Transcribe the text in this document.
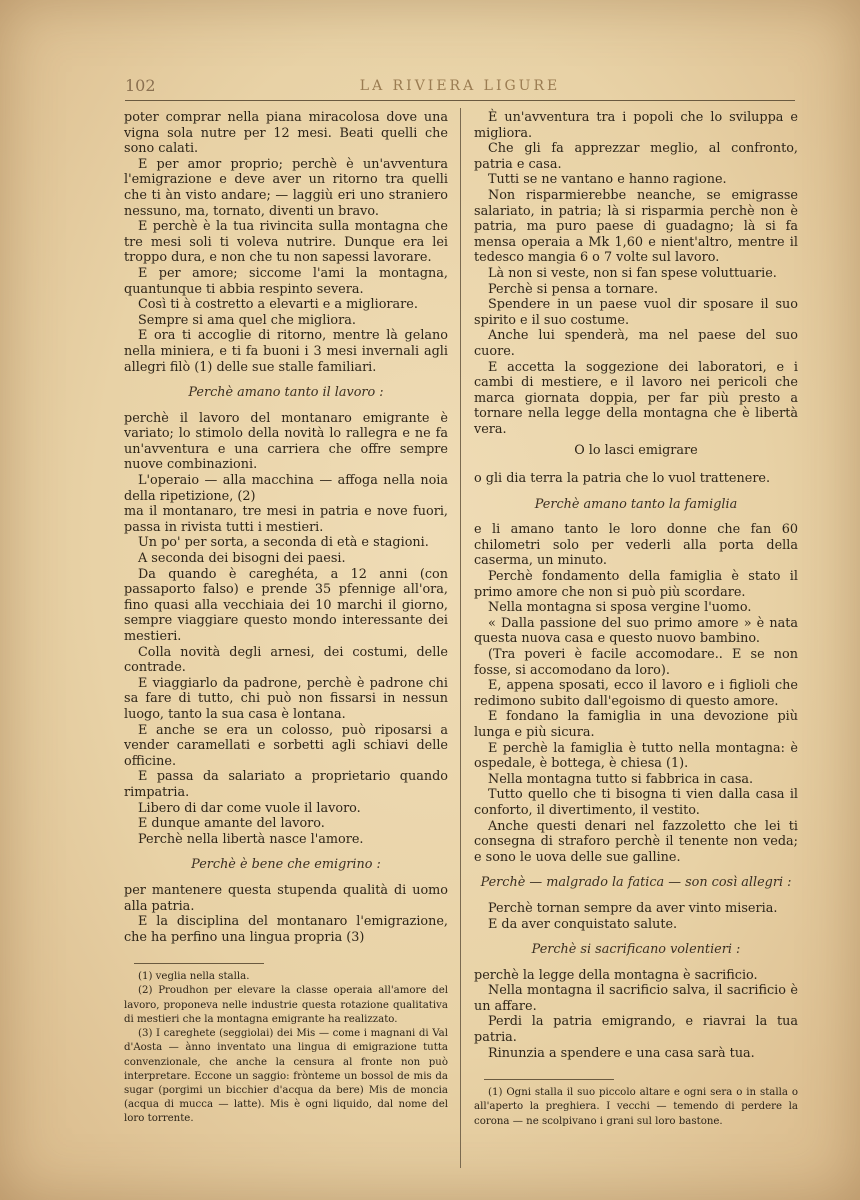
102	LA RIVIERA LIGURE

poter comprar nella piana miracolosa dove una vigna sola nutre per 12 mesi. Beati quelli che sono calati.

E per amor proprio; perchè è un'avventura l'emigrazione e deve aver un ritorno tra quelli che ti àn visto andare; — laggiù eri uno straniero nessuno, ma, tornato, diventi un bravo.

E perchè è la tua rivincita sulla montagna che tre mesi soli ti voleva nutrire. Dunque era lei troppo dura, e non che tu non sapessi lavorare.

E per amore; siccome l'ami la montagna, quantunque ti abbia respinto severa.

Così ti à costretto a elevarti e a migliorare.

Sempre si ama quel che migliora.

E ora ti accoglie di ritorno, mentre là gelano nella miniera, e ti fa buoni i 3 mesi invernali agli allegri filò (1) delle sue stalle familiari.

Perchè amano tanto il lavoro :

perchè il lavoro del montanaro emigrante è variato; lo stimolo della novità lo rallegra e ne fa un'avventura e una carriera che offre sempre nuove combinazioni.

L'operaio — alla macchina — affoga nella noia della ripetizione, (2)

ma il montanaro, tre mesi in patria e nove fuori, passa in rivista tutti i mestieri.

Un po' per sorta, a seconda di età e stagioni.

A seconda dei bisogni dei paesi.

Da quando è careghéta, a 12 anni (con passaporto falso) e prende 35 pfennige all'ora, fino quasi alla vecchiaia dei 10 marchi il giorno, sempre viaggiare questo mondo interessante dei mestieri.

Colla novità degli arnesi, dei costumi, delle contrade.

E viaggiarlo da padrone, perchè è padrone chi sa fare di tutto, chi può non fissarsi in nessun luogo, tanto la sua casa è lontana.

E anche se era un colosso, può riposarsi a vender caramellati e sorbetti agli schiavi delle officine.

E passa da salariato a proprietario quando rimpatria.

Libero di dar come vuole il lavoro.

E dunque amante del lavoro.

Perchè nella libertà nasce l'amore.

Perchè è bene che emigrino :

per mantenere questa stupenda qualità di uomo alla patria.

E la disciplina del montanaro l'emigrazione, che ha perfino una lingua propria (3)

(1) veglia nella stalla.

(2) Proudhon per elevare la classe operaia all'amore del lavoro, proponeva nelle industrie questa rotazione qualitativa di mestieri che la montagna emigrante ha realizzato.

(3) I careghete (seggiolai) dei Mis — come i magnani di Val d'Aosta — ànno inventato una lingua di emigrazione tutta convenzionale, che anche la censura al fronte non può interpretare. Eccone un saggio: frònteme un bossol de mis da sugar (porgimi un bicchier d'acqua da bere) Mis de moncia (acqua di mucca — latte). Mis è ogni liquido, dal nome del loro torrente.

È un'avventura tra i popoli che lo sviluppa e migliora.

Che gli fa apprezzar meglio, al confronto, patria e casa.

Tutti se ne vantano e hanno ragione.

Non risparmierebbe neanche, se emigrasse salariato, in patria; là si risparmia perchè non è patria, ma puro paese di guadagno; là si fa mensa operaia a Mk 1,60 e nient'altro, mentre il tedesco mangia 6 o 7 volte sul lavoro.

Là non si veste, non si fan spese voluttuarie.

Perchè si pensa a tornare.

Spendere in un paese vuol dir sposare il suo spirito e il suo costume.

Anche lui spenderà, ma nel paese del suo cuore.

E accetta la soggezione dei laboratori, e i cambi di mestiere, e il lavoro nei pericoli che marca giornata doppia, per far più presto a tornare nella legge della montagna che è libertà vera.

O lo lasci emigrare

o gli dia terra la patria che lo vuol trattenere.

Perchè amano tanto la famiglia

e li amano tanto le loro donne che fan 60 chilometri solo per vederli alla porta della caserma, un minuto.

Perchè fondamento della famiglia è stato il primo amore che non si può più scordare.

Nella montagna si sposa vergine l'uomo.

« Dalla passione del suo primo amore » è nata questa nuova casa e questo nuovo bambino.

(Tra poveri è facile accomodare.. E se non fosse, si accomodano da loro).

E, appena sposati, ecco il lavoro e i figlioli che redimono subito dall'egoismo di questo amore.

E fondano la famiglia in una devozione più lunga e più sicura.

E perchè la famiglia è tutto nella montagna: è ospedale, è bottega, è chiesa (1).

Nella montagna tutto si fabbrica in casa.

Tutto quello che ti bisogna ti vien dalla casa il conforto, il divertimento, il vestito.

Anche questi denari nel fazzoletto che lei ti consegna di straforo perchè il tenente non veda; e sono le uova delle sue galline.

Perchè — malgrado la fatica — son così allegri :

Perchè tornan sempre da aver vinto miseria.

E da aver conquistato salute.

Perchè si sacrificano volentieri :

perchè la legge della montagna è sacrificio.

Nella montagna il sacrificio salva, il sacrificio è un affare.

Perdi la patria emigrando, e riavrai la tua patria.

Rinunzia a spendere e una casa sarà tua.

(1) Ogni stalla il suo piccolo altare e ogni sera o in stalla o all'aperto la preghiera. I vecchi — temendo di perdere la corona — ne scolpivano i grani sul loro bastone.
